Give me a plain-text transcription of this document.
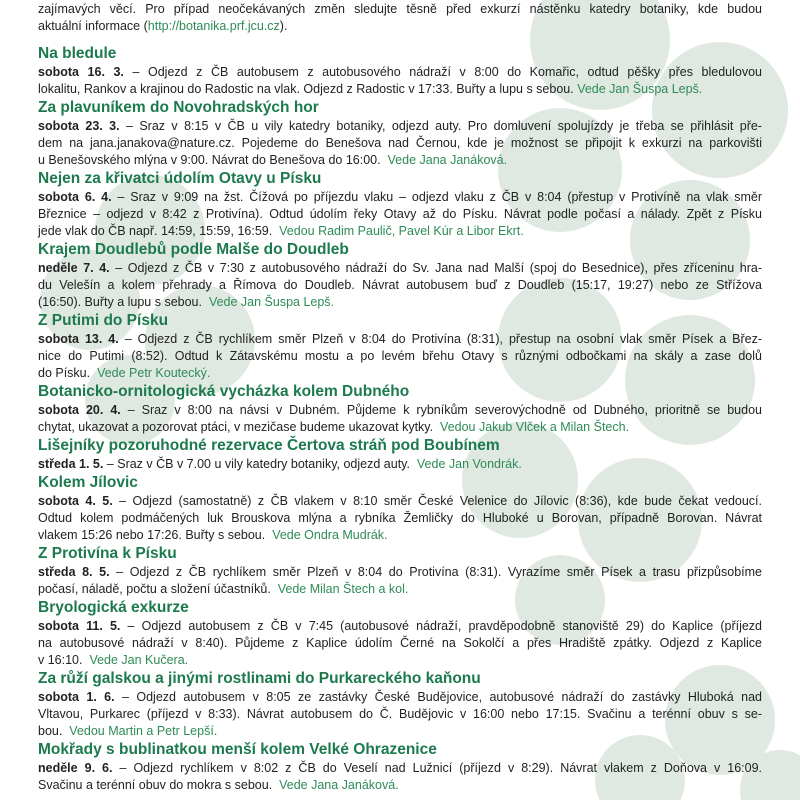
zajímavých věcí. Pro případ neočekávaných změn sledujte těsně před exkurzí nástěnku katedry botaniky, kde budou
aktuální informace (http://botanika.prf.jcu.cz).
Na bledule
sobota 16. 3. – Odjezd z ČB autobusem z autobusového nádraží v 8:00 do Komařic, odtud pěšky přes bledulovou
lokalitu, Rankov a krajinou do Radostic na vlak. Odjezd z Radostic v 17:33. Buřty a lupu s sebou. Vede Jan Šuspa Lepš.
Za plavuníkem do Novohradských hor
sobota 23. 3. – Sraz v 8:15 v ČB u vily katedry botaniky, odjezd auty. Pro domluvení spolujízdy je třeba se přihlásit pře-
dem na jana.janakova@nature.cz. Pojedeme do Benešova nad Černou, kde je možnost se připojit k exkurzi na parkovišti
u Benešovského mlýna v 9:00. Návrat do Benešova do 16:00.  Vede Jana Janáková.
Nejen za křivatci údolím Otavy u Písku
sobota 6. 4. – Sraz v 9:09 na žst. Čížová po příjezdu vlaku – odjezd vlaku z ČB v 8:04 (přestup v Protivíně na vlak směr
Březnice – odjezd v 8:42 z Protivína). Odtud údolím řeky Otavy až do Písku. Návrat podle počasí a nálady. Zpět z Písku
jede vlak do ČB např. 14:59, 15:59, 16:59.  Vedou Radim Paulič, Pavel Kúr a Libor Ekrt.
Krajem Doudlebů podle Malše do Doudleb
neděle 7. 4. – Odjezd z ČB v 7:30 z autobusového nádraží do Sv. Jana nad Malší (spoj do Besednice), přes zříceninu hra-
du Velešín a kolem přehrady a Římova do Doudleb. Návrat autobusem buď z Doudleb (15:17, 19:27) nebo ze Střížova
(16:50). Buřty a lupu s sebou.  Vede Jan Šuspa Lepš.
Z Putimi do Písku
sobota 13. 4. – Odjezd z ČB rychlíkem směr Plzeň v 8:04 do Protivína (8:31), přestup na osobní vlak směr Písek a Břez-
nice do Putimi (8:52). Odtud k Zátavskému mostu a po levém břehu Otavy s různými odbočkami na skály a zase dolů
do Písku.  Vede Petr Koutecký.
Botanicko-ornitologická vycházka kolem Dubného
sobota 20. 4. – Sraz v 8:00 na návsi v Dubném. Půjdeme k rybníkům severovýchodně od Dubného, prioritně se budou
chytat, ukazovat a pozorovat ptáci, v mezičase budeme ukazovat kytky.  Vedou Jakub Vlček a Milan Štech.
Lišejníky pozoruhodné rezervace Čertova stráň pod Boubínem
středa 1. 5. – Sraz v ČB v 7.00 u vily katedry botaniky, odjezd auty.  Vede Jan Vondrák.
Kolem Jílovic
sobota 4. 5. – Odjezd (samostatně) z ČB vlakem v 8:10 směr České Velenice do Jílovic (8:36), kde bude čekat vedoucí.
Odtud kolem podmáčených luk Brouskova mlýna a rybníka Žemličky do Hluboké u Borovan, případně Borovan. Návrat
vlakem 15:26 nebo 17:26. Buřty s sebou.  Vede Ondra Mudrák.
Z Protivína k Písku
středa 8. 5. – Odjezd z ČB rychlíkem směr Plzeň v 8:04 do Protivína (8:31). Vyrazíme směr Písek a trasu přizpůsobíme
počasí, náladě, počtu a složení účastníků.  Vede Milan Štech a kol.
Bryologická exkurze
sobota 11. 5. – Odjezd autobusem z ČB v 7:45 (autobusové nádraží, pravděpodobně stanoviště 29) do Kaplice (příjezd
na autobusové nádraží v 8:40). Půjdeme z Kaplice údolím Černé na Sokolčí a přes Hradiště zpátky. Odjezd z Kaplice
v 16:10.  Vede Jan Kučera.
Za růží galskou a jinými rostlinami do Purkareckého kaňonu
sobota 1. 6. – Odjezd autobusem v 8:05 ze zastávky České Budějovice, autobusové nádraží do zastávky Hluboká nad
Vltavou, Purkarec (příjezd v 8:33). Návrat autobusem do Č. Budějovic v 16:00 nebo 17:15. Svačinu a terénní obuv s se-
bou.  Vedou Martin a Petr Lepší.
Mokřady s bublinatkou menší kolem Velké Ohrazenice
neděle 9. 6. – Odjezd rychlíkem v 8:02 z ČB do Veselí nad Lužnicí (příjezd v 8:29). Návrat vlakem z Doňova v 16:09.
Svačinu a terénní obuv do mokra s sebou.  Vede Jana Janáková.
